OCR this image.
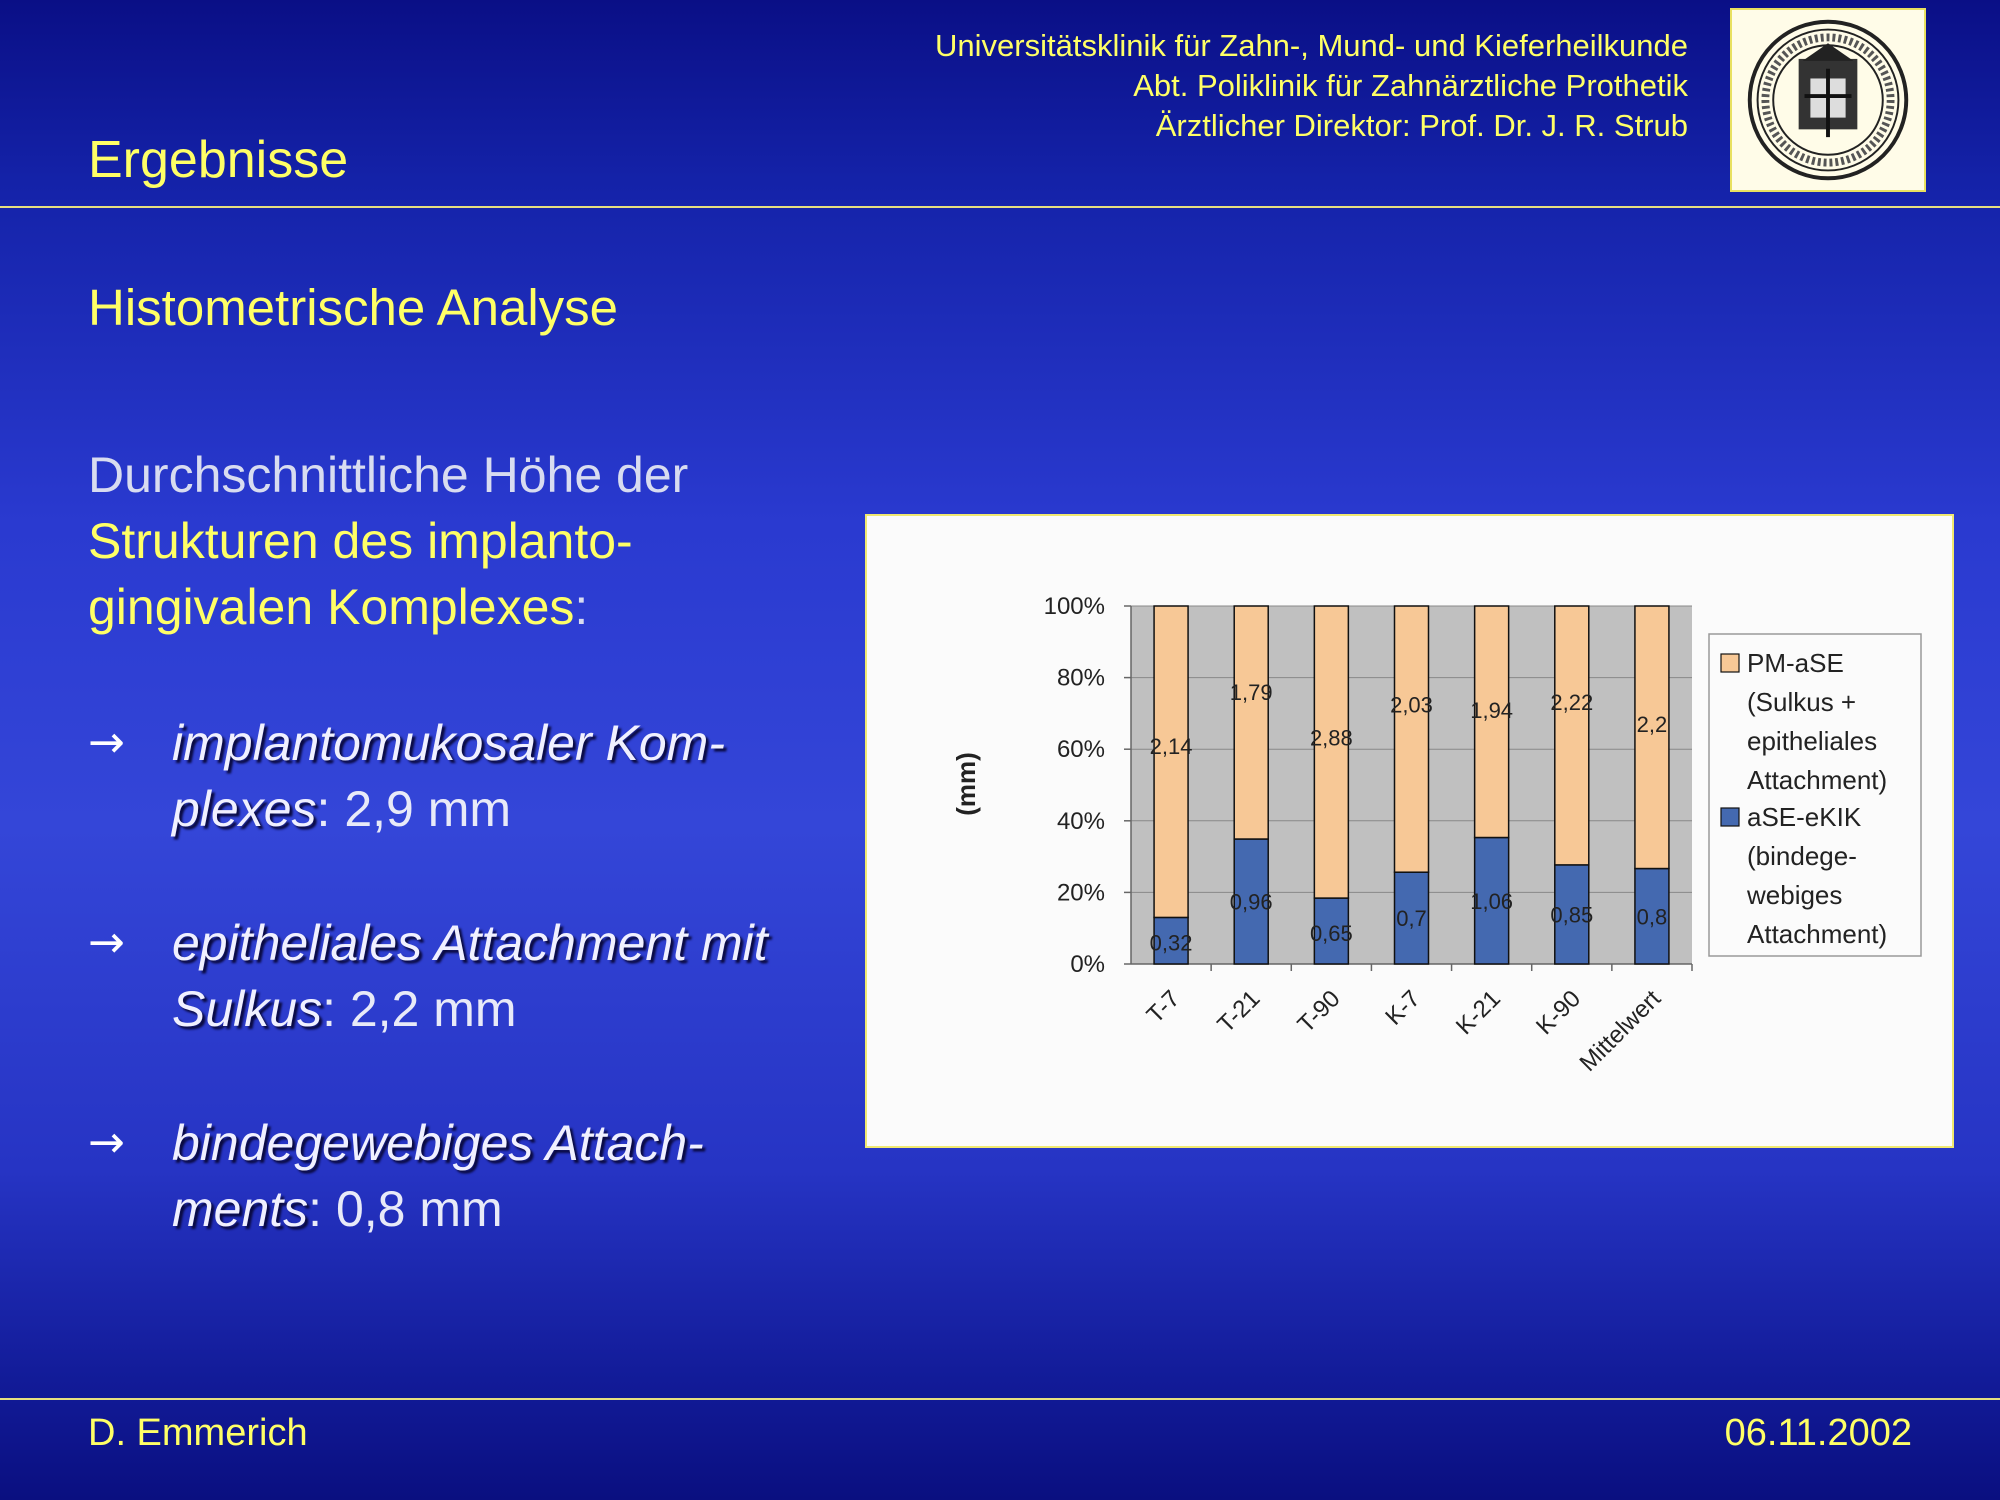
Universitätsklinik für Zahn-, Mund- und Kieferheilkunde
Abt. Poliklinik für Zahnärztliche Prothetik
Ärztlicher Direktor: Prof. Dr. J. R. Strub
Ergebnisse
Histometrische Analyse
Durchschnittliche Höhe der
Strukturen des implanto-
gingivalen Komplexes:
→ implantomukosaler Kom-
plexes: 2,9 mm
→ epitheliales Attachment mit
Sulkus: 2,2 mm
→ bindegewebiges Attach-
ments: 0,8 mm
0%
20%
40%
60%
80%
100%
(mm)
0,32
2,14
T-7
0,96
1,79
T-21
0,65
2,88
T-90
0,7
2,03
K-7
1,06
1,94
K-21
0,85
2,22
K-90
0,8
2,2
Mittelwert
PM-aSE
(Sulkus +
epitheliales
Attachment)
aSE-eKIK
(bindege-
webiges
Attachment)
D. Emmerich	06.11.2002
